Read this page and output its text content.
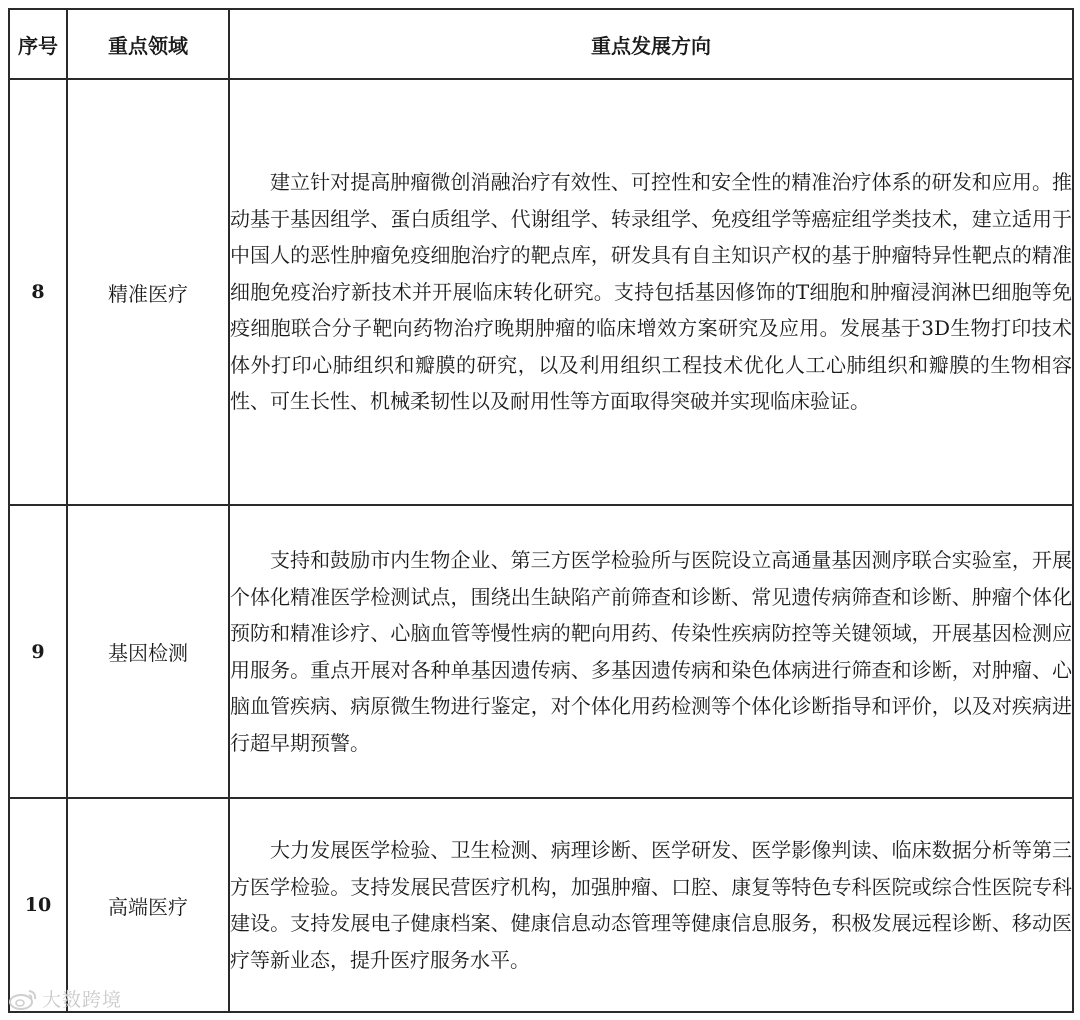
序号	重点领域	重点发展方向
8	精准医疗	建立针对提高肿瘤微创消融治疗有效性、可控性和安全性的精准治疗体系的研发和应用。推动基于基因组学、蛋白质组学、代谢组学、转录组学、免疫组学等癌症组学类技术，建立适用于中国人的恶性肿瘤免疫细胞治疗的靶点库，研发具有自主知识产权的基于肿瘤特异性靶点的精准细胞免疫治疗新技术并开展临床转化研究。支持包括基因修饰的T细胞和肿瘤浸润淋巴细胞等免疫细胞联合分子靶向药物治疗晚期肿瘤的临床增效方案研究及应用。发展基于3D生物打印技术体外打印心肺组织和瓣膜的研究，以及利用组织工程技术优化人工心肺组织和瓣膜的生物相容性、可生长性、机械柔韧性以及耐用性等方面取得突破并实现临床验证。

9	基因检测	支持和鼓励市内生物企业、第三方医学检验所与医院设立高通量基因测序联合实验室，开展个体化精准医学检测试点，围绕出生缺陷产前筛查和诊断、常见遗传病筛查和诊断、肿瘤个体化预防和精准诊疗、心脑血管等慢性病的靶向用药、传染性疾病防控等关键领域，开展基因检测应用服务。重点开展对各种单基因遗传病、多基因遗传病和染色体病进行筛查和诊断，对肿瘤、心脑血管疾病、病原微生物进行鉴定，对个体化用药检测等个体化诊断指导和评价，以及对疾病进行超早期预警。

10	高端医疗	大力发展医学检验、卫生检测、病理诊断、医学研发、医学影像判读、临床数据分析等第三方医学检验。支持发展民营医疗机构，加强肿瘤、口腔、康复等特色专科医院或综合性医院专科建设。支持发展电子健康档案、健康信息动态管理等健康信息服务，积极发展远程诊断、移动医疗等新业态，提升医疗服务水平。

大数跨境
